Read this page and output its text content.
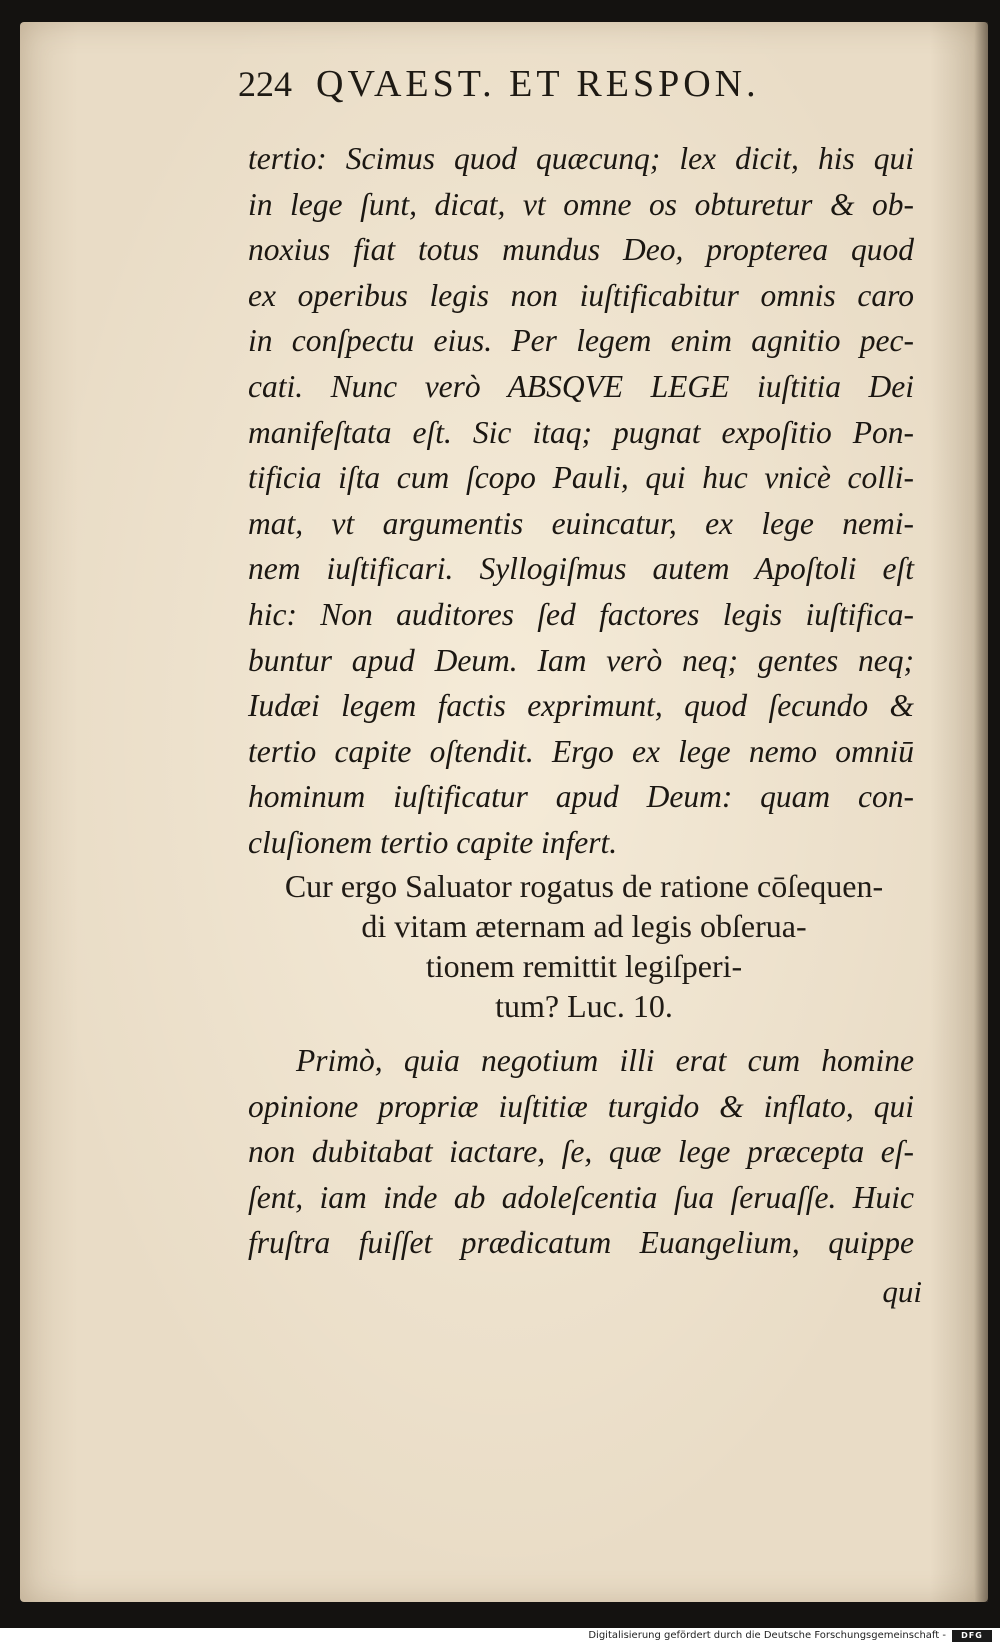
224 QVAEST. ET RESPON.
tertio: Scimus quod quæcunq; lex dicit, his qui
in lege ſunt, dicat, vt omne os obturetur & ob-
noxius fiat totus mundus Deo, propterea quod
ex operibus legis non iuſtificabitur omnis caro
in conſpectu eius. Per legem enim agnitio pec-
cati. Nunc verò ABSQVE LEGE iuſtitia Dei
manifeſtata eſt. Sic itaq; pugnat expoſitio Pon-
tificia iſta cum ſcopo Pauli, qui huc vnicè colli-
mat, vt argumentis euincatur, ex lege nemi-
nem iuſtificari. Syllogiſmus autem Apoſtoli eſt
hic: Non auditores ſed factores legis iuſtifica-
buntur apud Deum. Iam verò neq; gentes neq;
Iudæi legem factis exprimunt, quod ſecundo &
tertio capite oſtendit. Ergo ex lege nemo omniū
hominum iuſtificatur apud Deum: quam con-
cluſionem tertio capite infert.
Cur ergo Saluator rogatus de ratione cōſequen-
di vitam æternam ad legis obſerua-
tionem remittit legiſperi-
tum? Luc. 10.
Primò, quia negotium illi erat cum homine
opinione propriæ iuſtitiæ turgido & inflato, qui
non dubitabat iactare, ſe, quæ lege præcepta eſ-
ſent, iam inde ab adoleſcentia ſua ſeruaſſe. Huic
fruſtra fuiſſet prædicatum Euangelium, quippe
qui
Digitalisierung gefördert durch die Deutsche Forschungsgemeinschaft -	DFG
